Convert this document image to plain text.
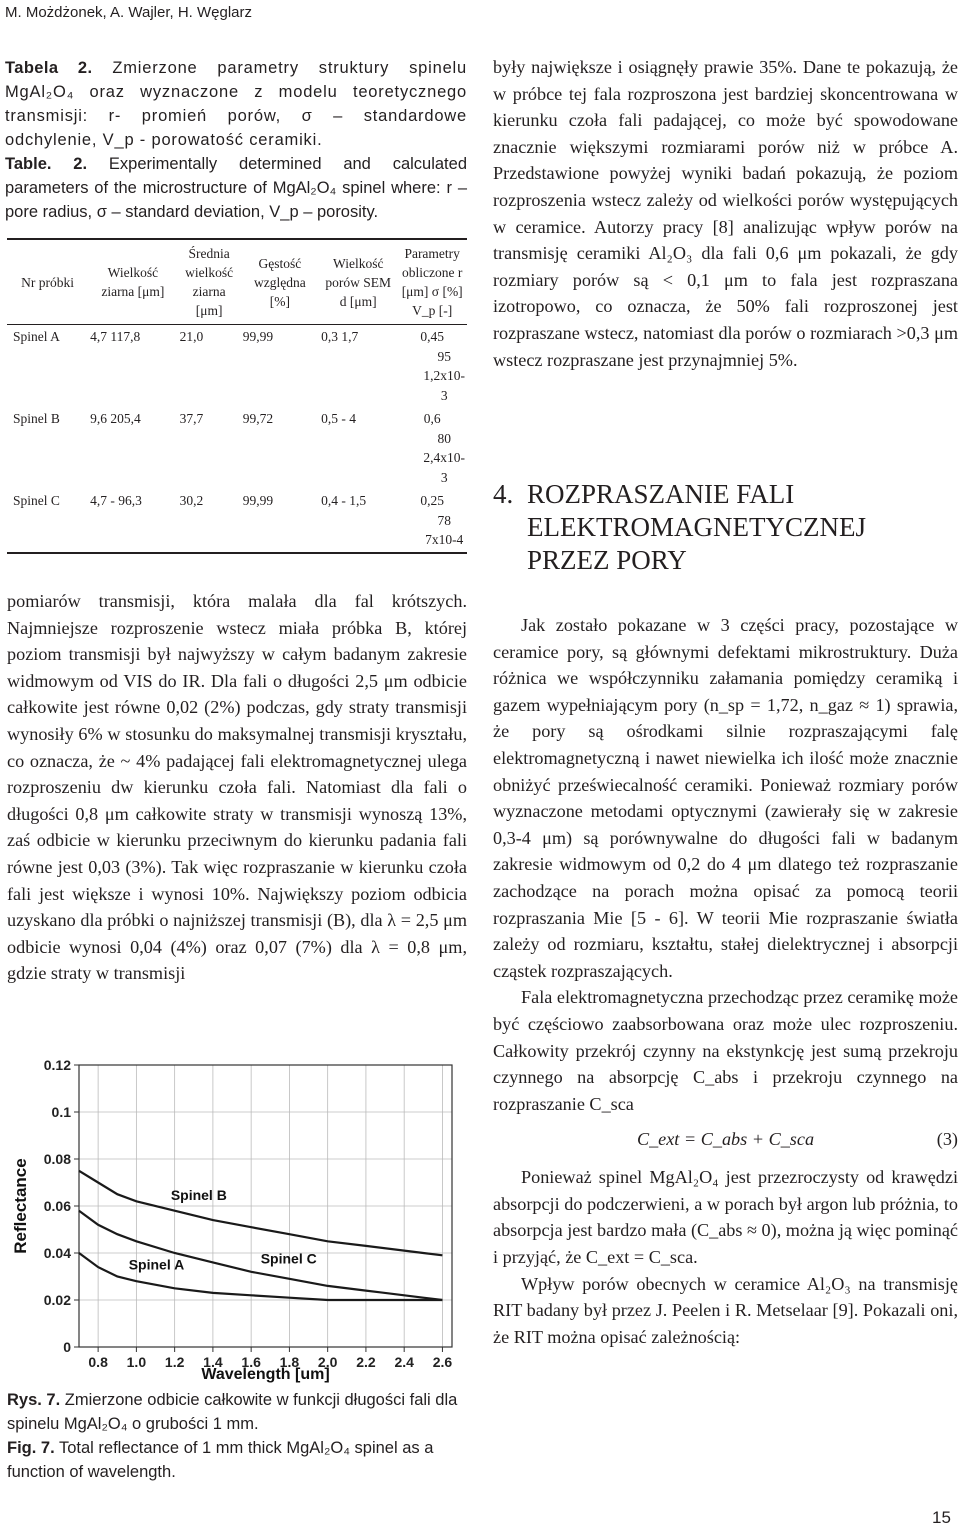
M. Możdżonek, A. Wajler, H. Węglarz

Tabela 2. Zmierzone parametry struktury spinelu MgAl₂O₄ oraz wyznaczone z modelu teoretycznego transmisji: r- promień porów, σ – standardowe odchylenie, V_p - porowatość ceramiki.

Table. 2. Experimentally determined and calculated parameters of the microstructure of MgAl₂O₄ spinel where: r – pore radius, σ – standard deviation, V_p – porosity.

Nr próbki	Wielkość ziarna [μm]	Średnia wielkość ziarna [μm]	Gęstość względna [%]	Wielkość porów SEM d [μm]	Parametry obliczone r [μm] σ [%] V_p [-]
Spinel A	4,7 117,8	21,0	99,99	0,3 1,7	0,45
95
1,2x10-3

Spinel B	9,6 205,4	37,7	99,72	0,5 - 4	0,6
80
2,4x10-3

Spinel C	4,7 - 96,3	30,2	99,99	0,4 - 1,5	0,25
78
7x10-4

pomiarów transmisji, która malała dla fal krótszych. Najmniejsze rozproszenie wstecz miała próbka B, której poziom transmisji był najwyższy w całym badanym zakresie widmowym od VIS do IR. Dla fali o długości 2,5 μm odbicie całkowite jest równe 0,02 (2%) podczas, gdy straty transmisji wynosiły 6% w stosunku do maksymalnej transmisji kryształu, co oznacza, że ~ 4% padającej fali elektromagnetycznej ulega rozproszeniu dw kierunku czoła fali. Natomiast dla fali o długości 0,8 μm całkowite straty w transmisji wynoszą 13%, zaś odbicie w kierunku przeciwnym do kierunku padania fali równe jest 0,03 (3%). Tak więc rozpraszanie w kierunku czoła fali jest większe i wynosi 10%. Największy poziom odbicia uzyskano dla próbki o najniższej transmisji (B), dla λ = 2,5 μm odbicie wynosi 0,04 (4%) oraz 0,07 (7%) dla λ = 0,8 μm, gdzie straty w transmisji

0
0.02
0.04
0.06
0.08
0.1
0.12
0.8 1.0 1.2 1.4 1.6 1.8 2.0 2.2 2.4 2.6
Spinel B
Spinel C
Spinel A
Wavelength [um]
Reflectance
Rys. 7. Zmierzone odbicie całkowite w funkcji długości fali dla spinelu MgAl₂O₄ o grubości 1 mm.
Fig. 7. Total reflectance of 1 mm thick MgAl₂O₄ spinel as a function of wavelength.

były największe i osiągnęły prawie 35%. Dane te pokazują, że w próbce tej fala rozproszona jest bardziej skoncentrowana w kierunku czoła fali padającej, co może być spowodowane znacznie większymi rozmiarami porów niż w próbce A. Przedstawione powyżej wyniki badań pokazują, że poziom rozproszenia wstecz zależy od wielkości porów występujących w ceramice. Autorzy pracy [8] analizując wpływ porów na transmisję ceramiki Al₂O₃ dla fali 0,6 μm pokazali, że gdy rozmiary porów są < 0,1 μm to fala jest rozpraszana izotropowo, co oznacza, że 50% fali rozproszonej jest rozpraszane wstecz, natomiast dla porów o rozmiarach >0,3 μm wstecz rozpraszane jest przynajmniej 5%.

4. ROZPRASZANIE FALI
ELEKTROMAGNETYCZNEJ
PRZEZ PORY

Jak zostało pokazane w 3 części pracy, pozostające w ceramice pory, są głównymi defektami mikrostruktury. Duża różnica we współczynniku załamania pomiędzy ceramiką i gazem wypełniającym pory (n_sp = 1,72, n_gaz ≈ 1) sprawia, że pory są ośrodkami silnie rozpraszającymi falę elektromagnetyczną i nawet niewielka ich ilość może znacznie obniżyć przeświecalność ceramiki. Ponieważ rozmiary porów wyznaczone metodami optycznymi (zawierały się w zakresie 0,3-4 μm) są porównywalne do długości fali w badanym zakresie widmowym od 0,2 do 4 μm dlatego też rozpraszanie zachodzące na porach można opisać za pomocą teorii rozpraszania Mie [5 - 6]. W teorii Mie rozpraszanie światła zależy od rozmiaru, kształtu, stałej dielektrycznej i absorpcji cząstek rozpraszających.

Fala elektromagnetyczna przechodząc przez ceramikę może być częściowo zaabsorbowana oraz może ulec rozproszeniu. Całkowity przekrój czynny na ekstynkcję jest sumą przekroju czynnego na absorpcję C_abs i przekroju czynnego na rozpraszanie C_sca

C_ext = C_abs + C_sca	(3)

Ponieważ spinel MgAl₂O₄ jest przezroczysty od krawędzi absorpcji do podczerwieni, a w porach był argon lub próżnia, to absorpcja jest bardzo mała (C_abs ≈ 0), można ją więc pominąć i przyjąć, że C_ext = C_sca.

Wpływ porów obecnych w ceramice Al₂O₃ na transmisję RIT badany był przez J. Peelen i R. Metselaar [9]. Pokazali oni, że RIT można opisać zależnością:

15
